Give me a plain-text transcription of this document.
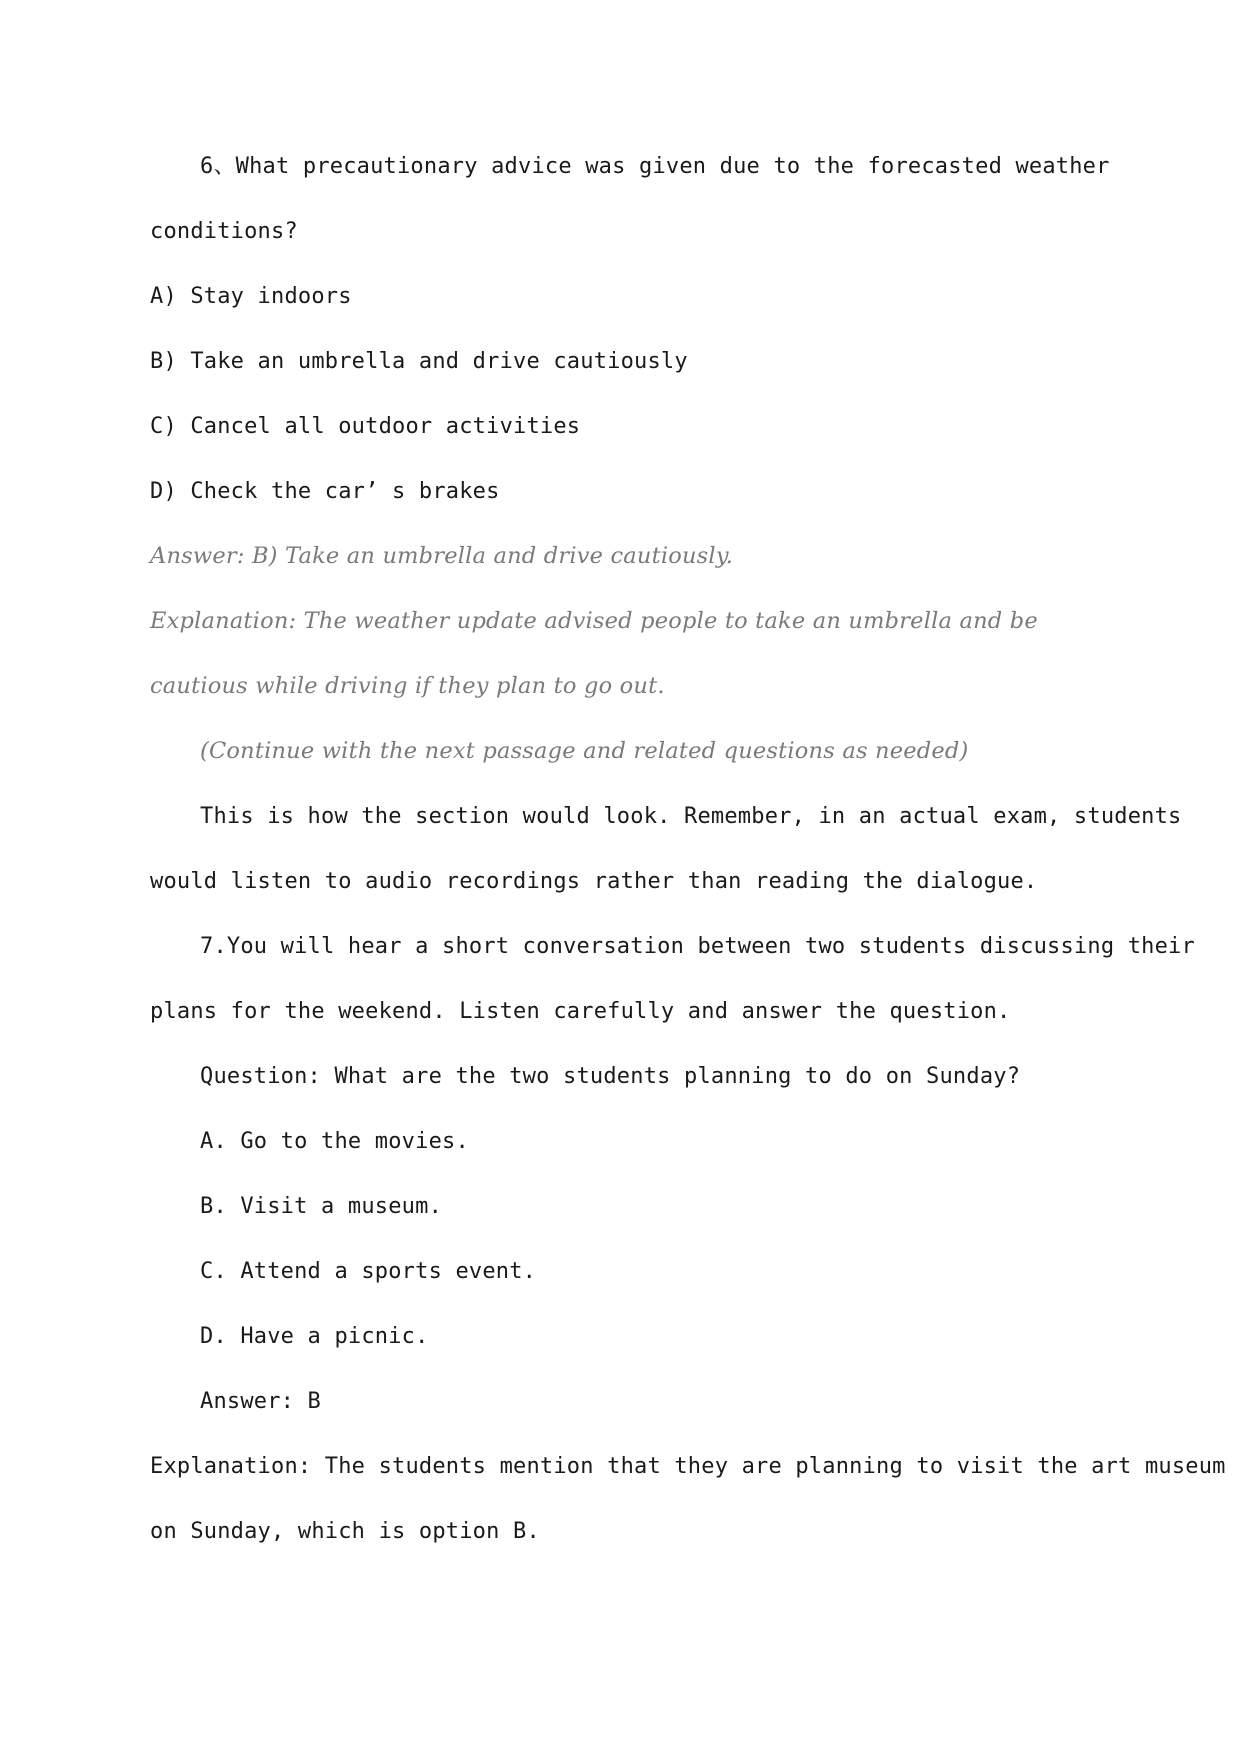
6、What precautionary advice was given due to the forecasted weather
conditions?
A) Stay indoors
B) Take an umbrella and drive cautiously
C) Cancel all outdoor activities
D) Check the car’ s brakes
Answer: B) Take an umbrella and drive cautiously.
Explanation: The weather update advised people to take an umbrella and be
cautious while driving if they plan to go out.
(Continue with the next passage and related questions as needed)
This is how the section would look. Remember, in an actual exam, students
would listen to audio recordings rather than reading the dialogue.
7.You will hear a short conversation between two students discussing their
plans for the weekend. Listen carefully and answer the question.
Question: What are the two students planning to do on Sunday?
A. Go to the movies.
B. Visit a museum.
C. Attend a sports event.
D. Have a picnic.
Answer: B
Explanation: The students mention that they are planning to visit the art museum
on Sunday, which is option B.
